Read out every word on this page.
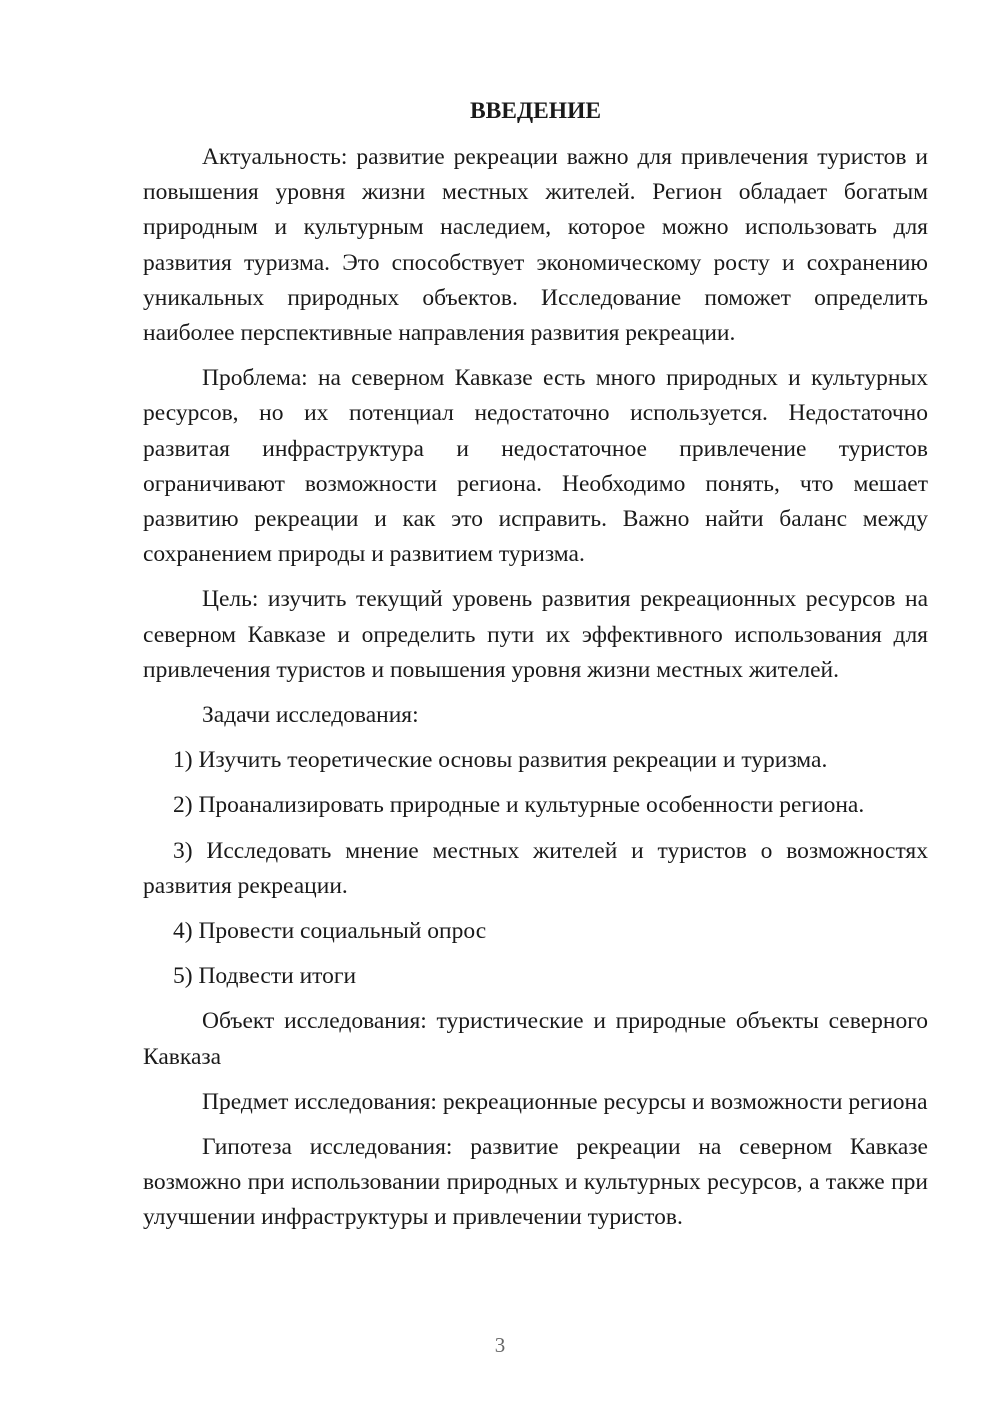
ВВЕДЕНИЕ

Актуальность: развитие рекреации важно для привлечения туристов и повышения уровня жизни местных жителей. Регион обладает богатым природным и культурным наследием, которое можно использовать для развития туризма. Это способствует экономическому росту и сохранению уникальных природных объектов. Исследование поможет определить наиболее перспективные направления развития рекреации.

Проблема: на северном Кавказе есть много природных и культурных ресурсов, но их потенциал недостаточно используется. Недостаточно развитая инфраструктура и недостаточное привлечение туристов ограничивают возможности региона. Необходимо понять, что мешает развитию рекреации и как это исправить. Важно найти баланс между сохранением природы и развитием туризма.

Цель: изучить текущий уровень развития рекреационных ресурсов на северном Кавказе и определить пути их эффективного использования для привлечения туристов и повышения уровня жизни местных жителей.

Задачи исследования:

1) Изучить теоретические основы развития рекреации и туризма.

2) Проанализировать природные и культурные особенности региона.

3) Исследовать мнение местных жителей и туристов о возможностях развития рекреации.

4) Провести социальный опрос

5) Подвести итоги

Объект исследования: туристические и природные объекты северного Кавказа

Предмет исследования: рекреационные ресурсы и возможности региона

Гипотеза исследования: развитие рекреации на северном Кавказе возможно при использовании природных и культурных ресурсов, а также при улучшении инфраструктуры и привлечении туристов.

3
